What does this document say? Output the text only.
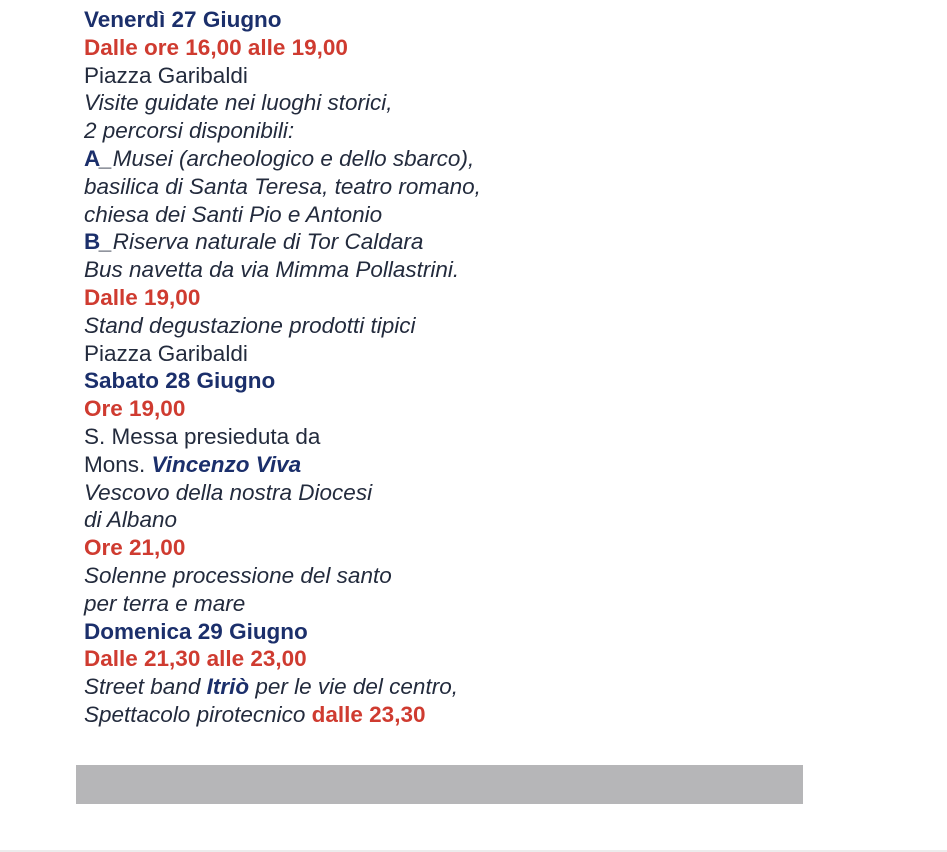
Venerdì 27 Giugno
Dalle ore 16,00 alle 19,00
Piazza Garibaldi
Visite guidate nei luoghi storici,
2 percorsi disponibili:
A_Musei (archeologico e dello sbarco),
basilica di Santa Teresa, teatro romano,
chiesa dei Santi Pio e Antonio
B_Riserva naturale di Tor Caldara
Bus navetta da via Mimma Pollastrini.
Dalle 19,00
Stand degustazione prodotti tipici
Piazza Garibaldi
Sabato 28 Giugno
Ore 19,00
S. Messa presieduta da
Mons. Vincenzo Viva
Vescovo della nostra Diocesi
di Albano
Ore 21,00
Solenne processione del santo
per terra e mare
Domenica 29 Giugno
Dalle 21,30 alle 23,00
Street band Itriò per le vie del centro,
Spettacolo pirotecnico dalle 23,30
